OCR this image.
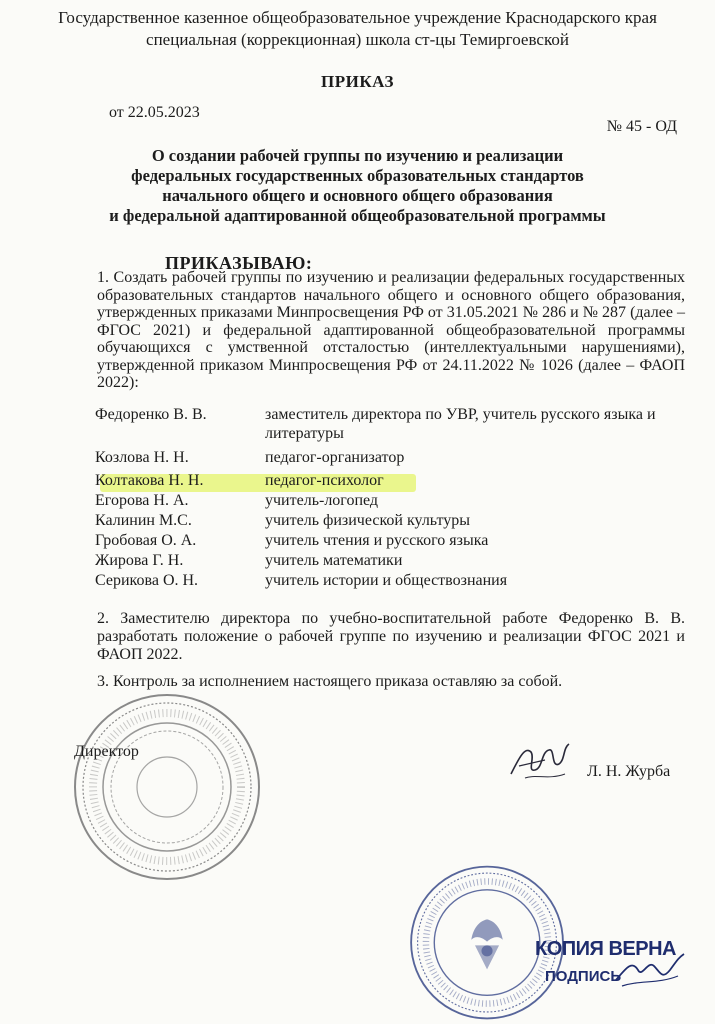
Государственное казенное общеобразовательное учреждение Краснодарского края
специальная (коррекционная) школа ст-цы Темиргоевской
ПРИКАЗ
от 22.05.2023
№ 45 - ОД
О создании рабочей группы по изучению и реализации
федеральных государственных образовательных стандартов
начального общего и основного общего образования
и федеральной адаптированной общеобразовательной программы
ПРИКАЗЫВАЮ:
1. Создать рабочей группы по изучению и реализации федеральных государственных образовательных стандартов начального общего и основного общего образования, утвержденных приказами Минпросвещения РФ от 31.05.2021 № 286 и № 287 (далее – ФГОС 2021) и федеральной адаптированной общеобразовательной программы обучающихся с умственной отсталостью (интеллектуальными нарушениями), утвержденной приказом Минпросвещения РФ от 24.11.2022 № 1026 (далее – ФАОП 2022):
Федоренко В. В.	заместитель директора по УВР, учитель русского языка и
литературы
Козлова Н. Н.	педагог-организатор
Колтакова Н. Н.	педагог-психолог
Егорова Н. А.	учитель-логопед
Калинин М.С.	учитель физической культуры
Гробовая О. А.	учитель чтения и русского языка
Жирова Г. Н.	учитель математики
Серикова О. Н.	учитель истории и обществознания
2. Заместителю директора по учебно-воспитательной работе Федоренко В. В. разработать положение о рабочей группе по изучению и реализации ФГОС 2021 и ФАОП 2022.
3. Контроль за исполнением настоящего приказа оставляю за собой.
Директор
Л. Н. Журба
КОПИЯ ВЕРНА
ПОДПИСЬ
